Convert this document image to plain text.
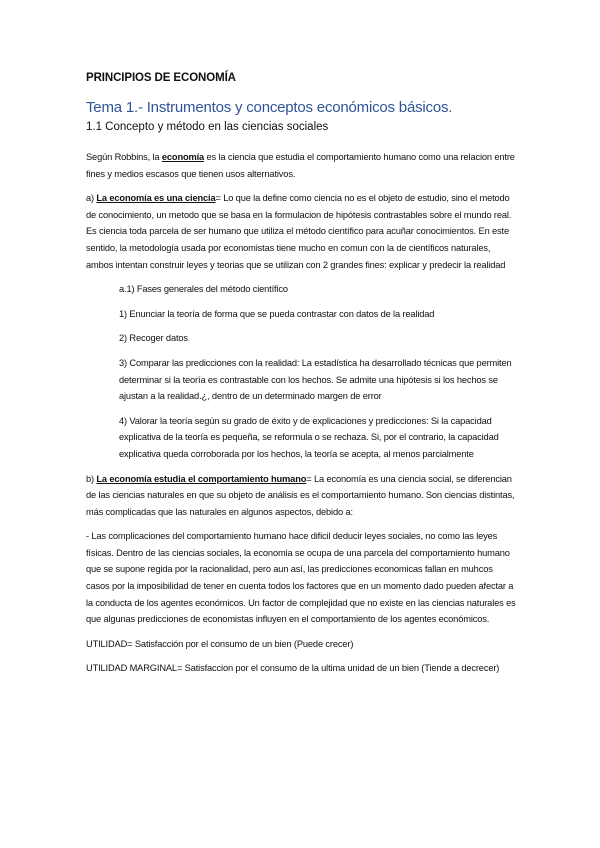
PRINCIPIOS DE ECONOMÍA
Tema 1.- Instrumentos y conceptos económicos básicos.
1.1 Concepto y método en las ciencias sociales

Según Robbins, la economía es la ciencia que estudia el comportamiento humano como una relacion entre fines y medios escasos que tienen usos alternativos.

a) La economía es una ciencia= Lo que la define como ciencia no es el objeto de estudio, sino el metodo de conocimiento, un metodo que se basa en la formulacion de hipótesis contrastables sobre el mundo real. Es ciencia toda parcela de ser humano que utiliza el método científico para acuñar conocimientos. En este sentido, la metodología usada por economistas tiene mucho en comun con la de científicos naturales, ambos intentan construir leyes y teorias que se utilizan con 2 grandes fines: explicar y predecir la realidad

a.1) Fases generales del método científico

1) Enunciar la teoría de forma que se pueda contrastar con datos de la realidad

2) Recoger datos

3) Comparar las predicciones con la realidad: La estadística ha desarrollado técnicas que permiten determinar si la teoría es contrastable con los hechos. Se admite una hipótesis si los hechos se ajustan a la realidad.¿, dentro de un determinado margen de error

4) Valorar la teoría según su grado de éxito y de explicaciones y predicciones: Si la capacidad explicativa de la teoría es pequeña, se reformula o se rechaza. Si, por el contrario, la capacidad explicativa queda corroborada por los hechos, la teoría se acepta, al menos parcialmente

b) La economía estudia el comportamiento humano= La economía es una ciencia social, se diferencian de las ciencias naturales en que su objeto de análisis es el comportamiento humano. Son ciencias distintas, más complicadas que las naturales en algunos aspectos, debido a:

- Las complicaciones del comportamiento humano hace dificil deducir leyes sociales, no como las leyes físicas. Dentro de las ciencias sociales, la economia se ocupa de una parcela del comportamiento humano que se supone regida por la racionalidad, pero aun así, las predicciones economicas fallan en muhcos casos por la imposibilidad de tener en cuenta todos los factores que en un momento dado pueden afectar a la conducta de los agentes económicos. Un factor de complejidad que no existe en las ciencias naturales es que algunas predicciones de economistas influyen en el comportamiento de los agentes económicos.

UTILIDAD= Satisfacción por el consumo de un bien (Puede crecer)

UTILIDAD MARGINAL= Satisfaccion por el consumo de la ultima unidad de un bien (Tiende a decrecer)
